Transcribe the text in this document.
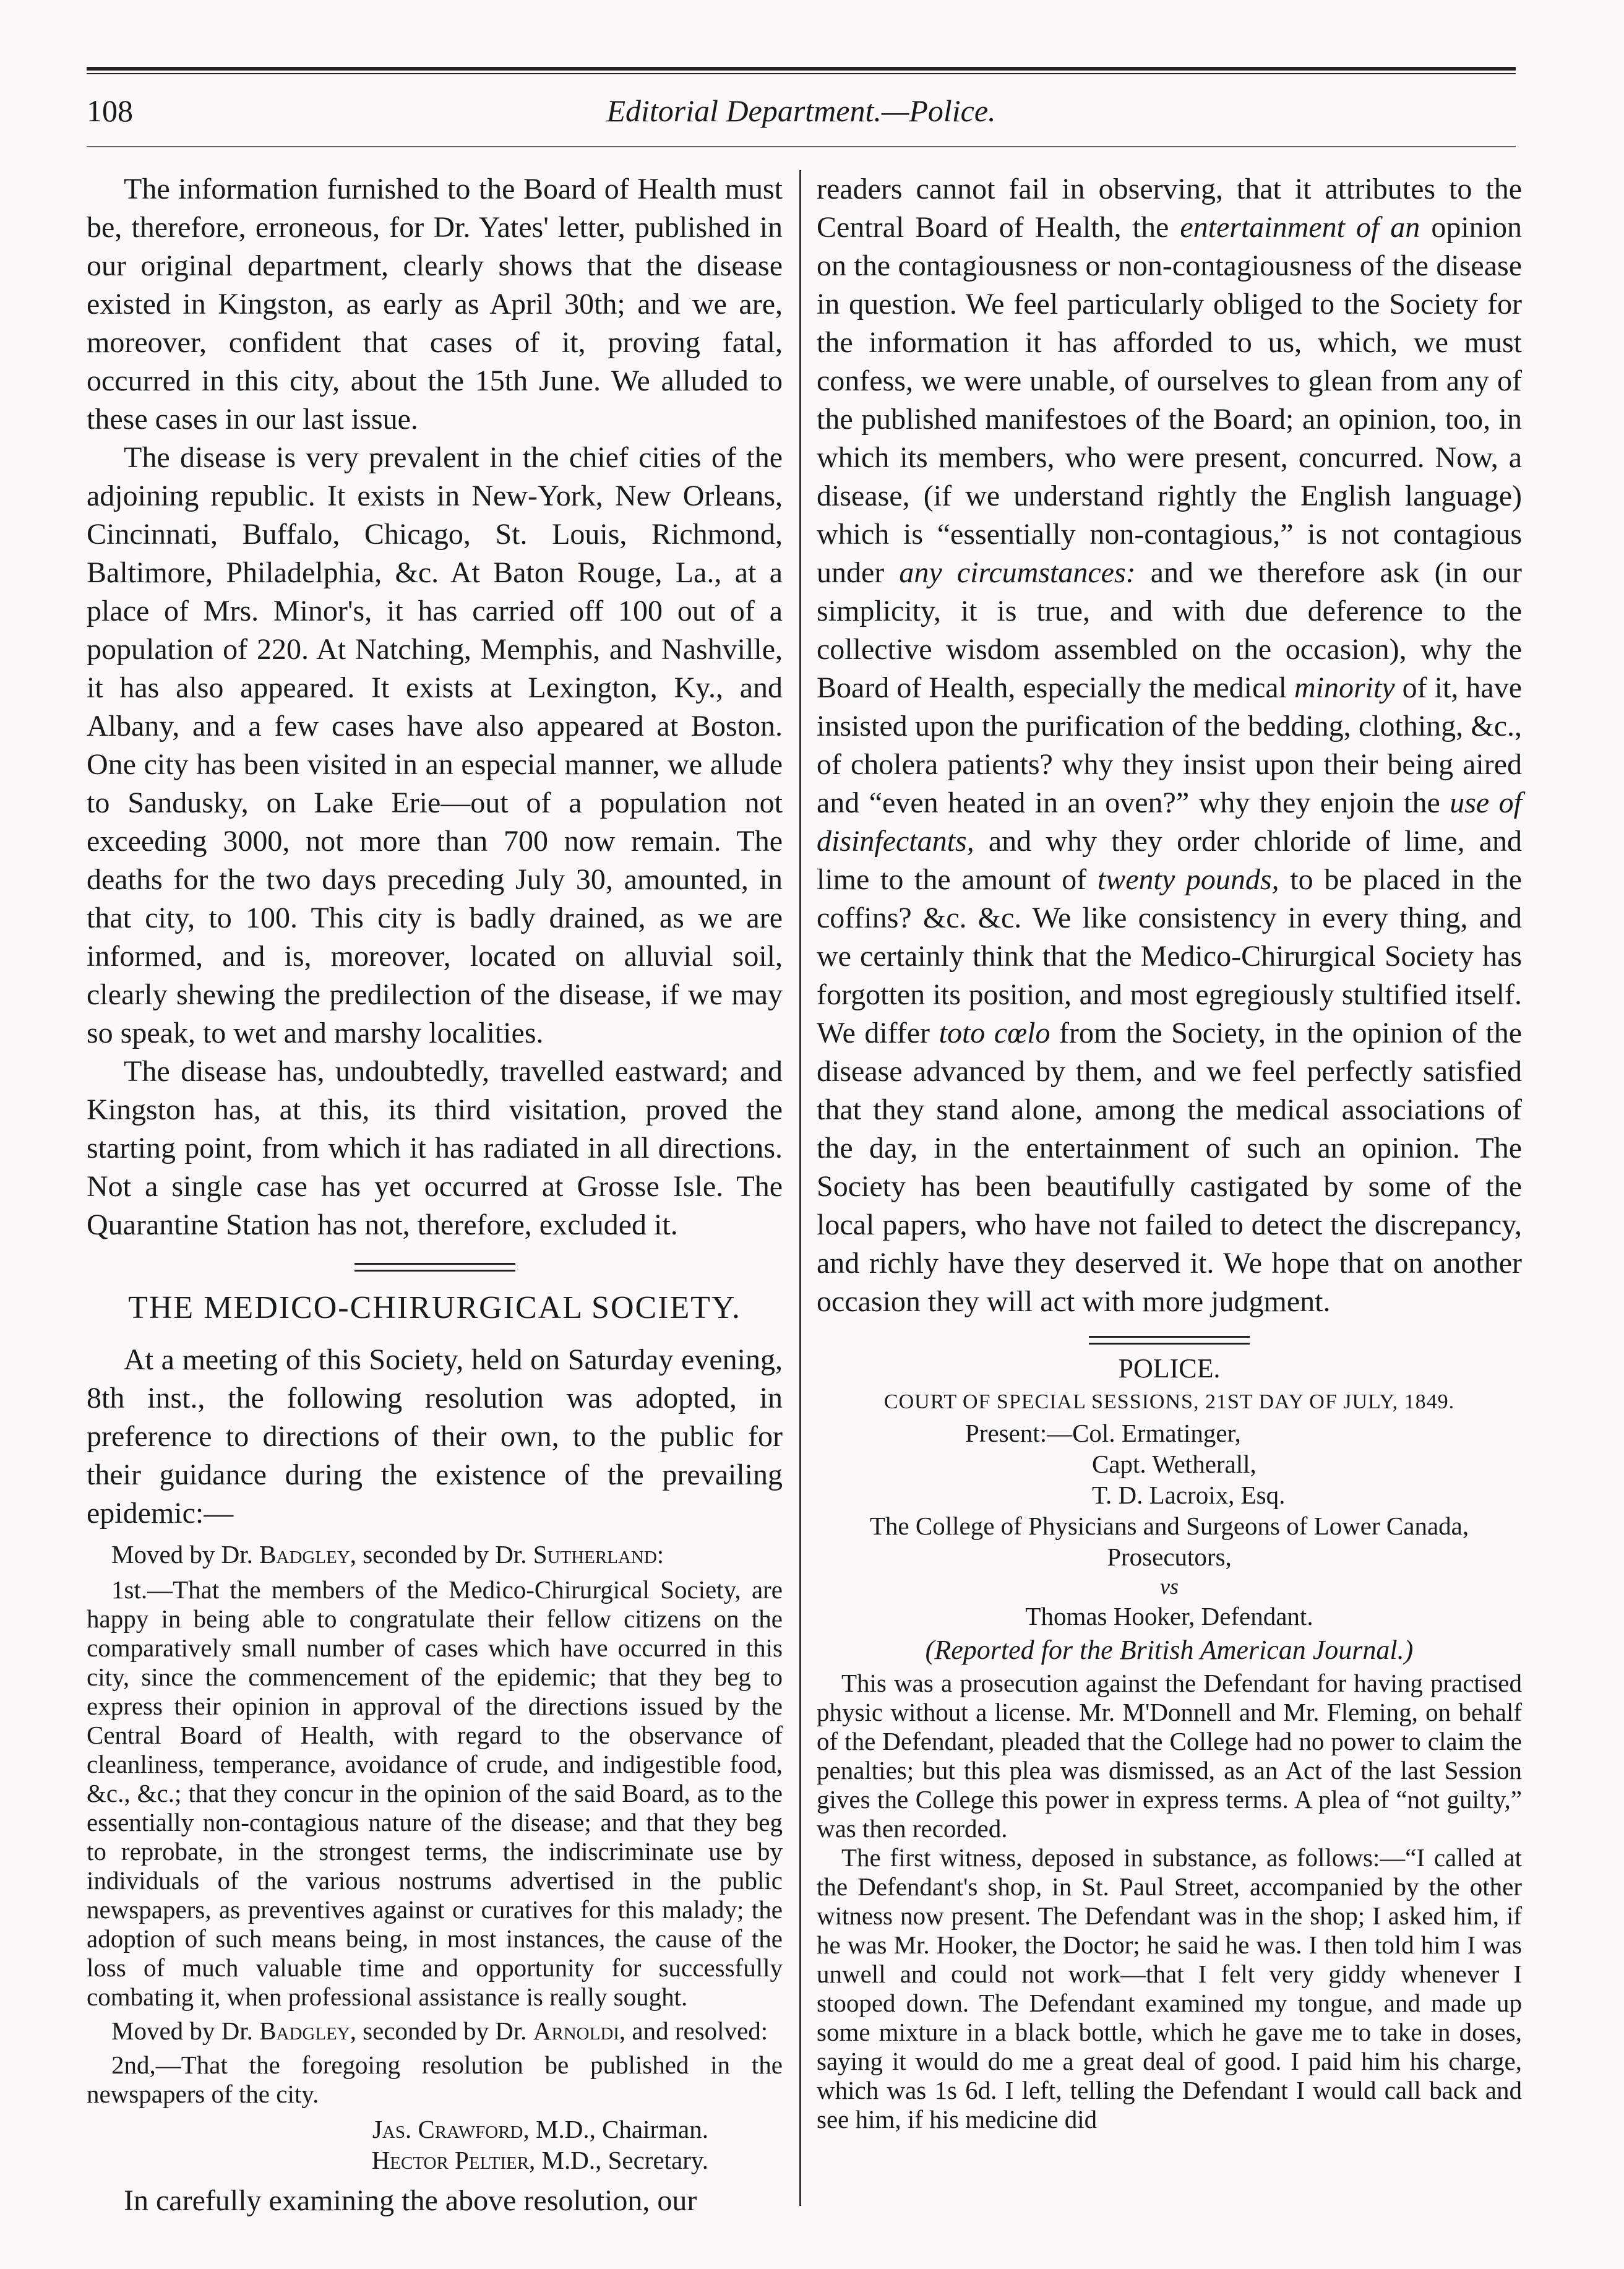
108	Editorial Department.—Police.

The information furnished to the Board of Health must be, therefore, erroneous, for Dr. Yates' letter, published in our original department, clearly shows that the disease existed in Kingston, as early as April 30th; and we are, moreover, confident that cases of it, proving fatal, occurred in this city, about the 15th June. We alluded to these cases in our last issue.

The disease is very prevalent in the chief cities of the adjoining republic. It exists in New-York, New Orleans, Cincinnati, Buffalo, Chicago, St. Louis, Richmond, Baltimore, Philadelphia, &c. At Baton Rouge, La., at a place of Mrs. Minor's, it has carried off 100 out of a population of 220. At Natching, Memphis, and Nashville, it has also appeared. It exists at Lexington, Ky., and Albany, and a few cases have also appeared at Boston. One city has been visited in an especial manner, we allude to Sandusky, on Lake Erie—out of a population not exceeding 3000, not more than 700 now remain. The deaths for the two days preceding July 30, amounted, in that city, to 100. This city is badly drained, as we are informed, and is, moreover, located on alluvial soil, clearly shewing the predilection of the disease, if we may so speak, to wet and marshy localities.

The disease has, undoubtedly, travelled eastward; and Kingston has, at this, its third visitation, proved the starting point, from which it has radiated in all directions. Not a single case has yet occurred at Grosse Isle. The Quarantine Station has not, therefore, excluded it.

THE MEDICO-CHIRURGICAL SOCIETY.

At a meeting of this Society, held on Saturday evening, 8th inst., the following resolution was adopted, in preference to directions of their own, to the public for their guidance during the existence of the prevailing epidemic:—

Moved by Dr. Badgley, seconded by Dr. Sutherland:

1st.—That the members of the Medico-Chirurgical Society, are happy in being able to congratulate their fellow citizens on the comparatively small number of cases which have occurred in this city, since the commencement of the epidemic; that they beg to express their opinion in approval of the directions issued by the Central Board of Health, with regard to the observance of cleanliness, temperance, avoidance of crude, and indigestible food, &c., &c.; that they concur in the opinion of the said Board, as to the essentially non-contagious nature of the disease; and that they beg to reprobate, in the strongest terms, the indiscriminate use by individuals of the various nostrums advertised in the public newspapers, as preventives against or curatives for this malady; the adoption of such means being, in most instances, the cause of the loss of much valuable time and opportunity for successfully combating it, when professional assistance is really sought.

Moved by Dr. Badgley, seconded by Dr. Arnoldi, and resolved:

2nd,—That the foregoing resolution be published in the newspapers of the city.

Jas. Crawford, M.D., Chairman.
Hector Peltier, M.D., Secretary.

In carefully examining the above resolution, our

readers cannot fail in observing, that it attributes to the Central Board of Health, the entertainment of an opinion on the contagiousness or non-contagiousness of the disease in question. We feel particularly obliged to the Society for the information it has afforded to us, which, we must confess, we were unable, of ourselves to glean from any of the published manifestoes of the Board; an opinion, too, in which its members, who were present, concurred. Now, a disease, (if we understand rightly the English language) which is “essentially non-contagious,” is not contagious under any circumstances: and we therefore ask (in our simplicity, it is true, and with due deference to the collective wisdom assembled on the occasion), why the Board of Health, especially the medical minority of it, have insisted upon the purification of the bedding, clothing, &c., of cholera patients? why they insist upon their being aired and “even heated in an oven?” why they enjoin the use of disinfectants, and why they order chloride of lime, and lime to the amount of twenty pounds, to be placed in the coffins? &c. &c. We like consistency in every thing, and we certainly think that the Medico-Chirurgical Society has forgotten its position, and most egregiously stultified itself. We differ toto cœlo from the Society, in the opinion of the disease advanced by them, and we feel perfectly satisfied that they stand alone, among the medical associations of the day, in the entertainment of such an opinion. The Society has been beautifully castigated by some of the local papers, who have not failed to detect the discrepancy, and richly have they deserved it. We hope that on another occasion they will act with more judgment.

POLICE.
COURT OF SPECIAL SESSIONS, 21ST DAY OF JULY, 1849.
Present:—Col. Ermatinger,
Capt. Wetherall,
T. D. Lacroix, Esq.
The College of Physicians and Surgeons of Lower Canada,
Prosecutors,
vs
Thomas Hooker, Defendant.
(Reported for the British American Journal.)

This was a prosecution against the Defendant for having practised physic without a license. Mr. M'Donnell and Mr. Fleming, on behalf of the Defendant, pleaded that the College had no power to claim the penalties; but this plea was dismissed, as an Act of the last Session gives the College this power in express terms. A plea of “not guilty,” was then recorded.

The first witness, deposed in substance, as follows:—“I called at the Defendant's shop, in St. Paul Street, accompanied by the other witness now present. The Defendant was in the shop; I asked him, if he was Mr. Hooker, the Doctor; he said he was. I then told him I was unwell and could not work—that I felt very giddy whenever I stooped down. The Defendant examined my tongue, and made up some mixture in a black bottle, which he gave me to take in doses, saying it would do me a great deal of good. I paid him his charge, which was 1s 6d. I left, telling the Defendant I would call back and see him, if his medicine did
